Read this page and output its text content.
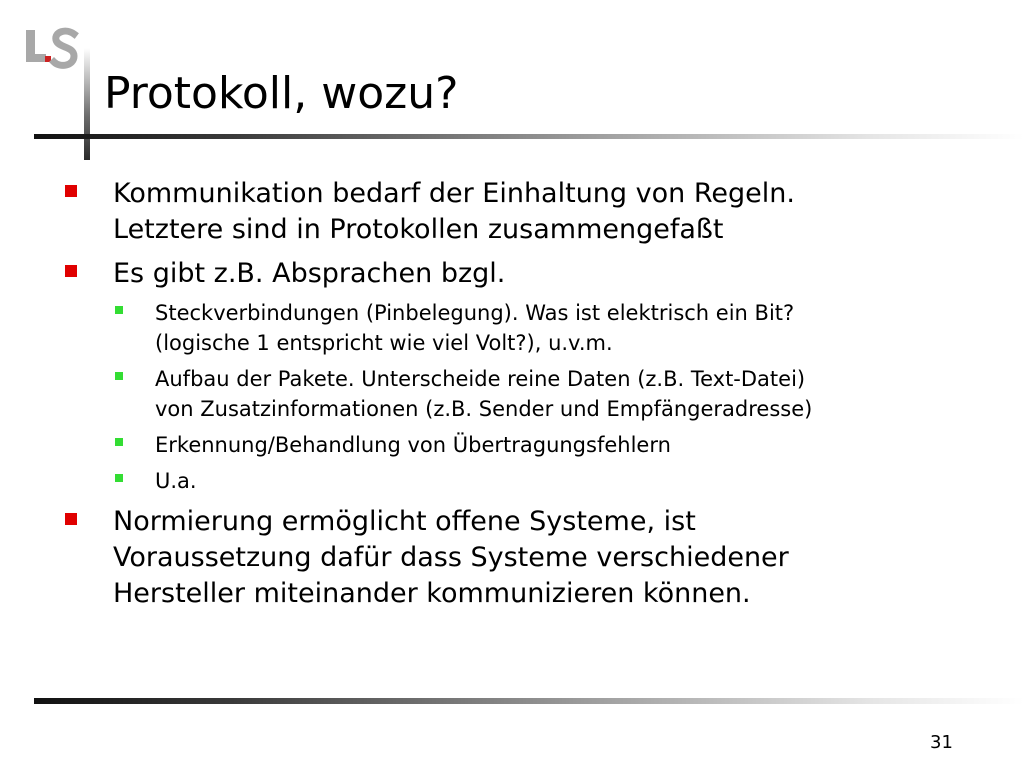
LS
Protokoll, wozu?
Kommunikation bedarf der Einhaltung von Regeln.
Letztere sind in Protokollen zusammengefaßt
Es gibt z.B. Absprachen bzgl.
Steckverbindungen (Pinbelegung). Was ist elektrisch ein Bit?
(logische 1 entspricht wie viel Volt?), u.v.m.
Aufbau der Pakete. Unterscheide reine Daten (z.B. Text-Datei)
von Zusatzinformationen (z.B. Sender und Empfängeradresse)
Erkennung/Behandlung von Übertragungsfehlern
U.a.
Normierung ermöglicht offene Systeme, ist
Voraussetzung dafür dass Systeme verschiedener
Hersteller miteinander kommunizieren können.
31
